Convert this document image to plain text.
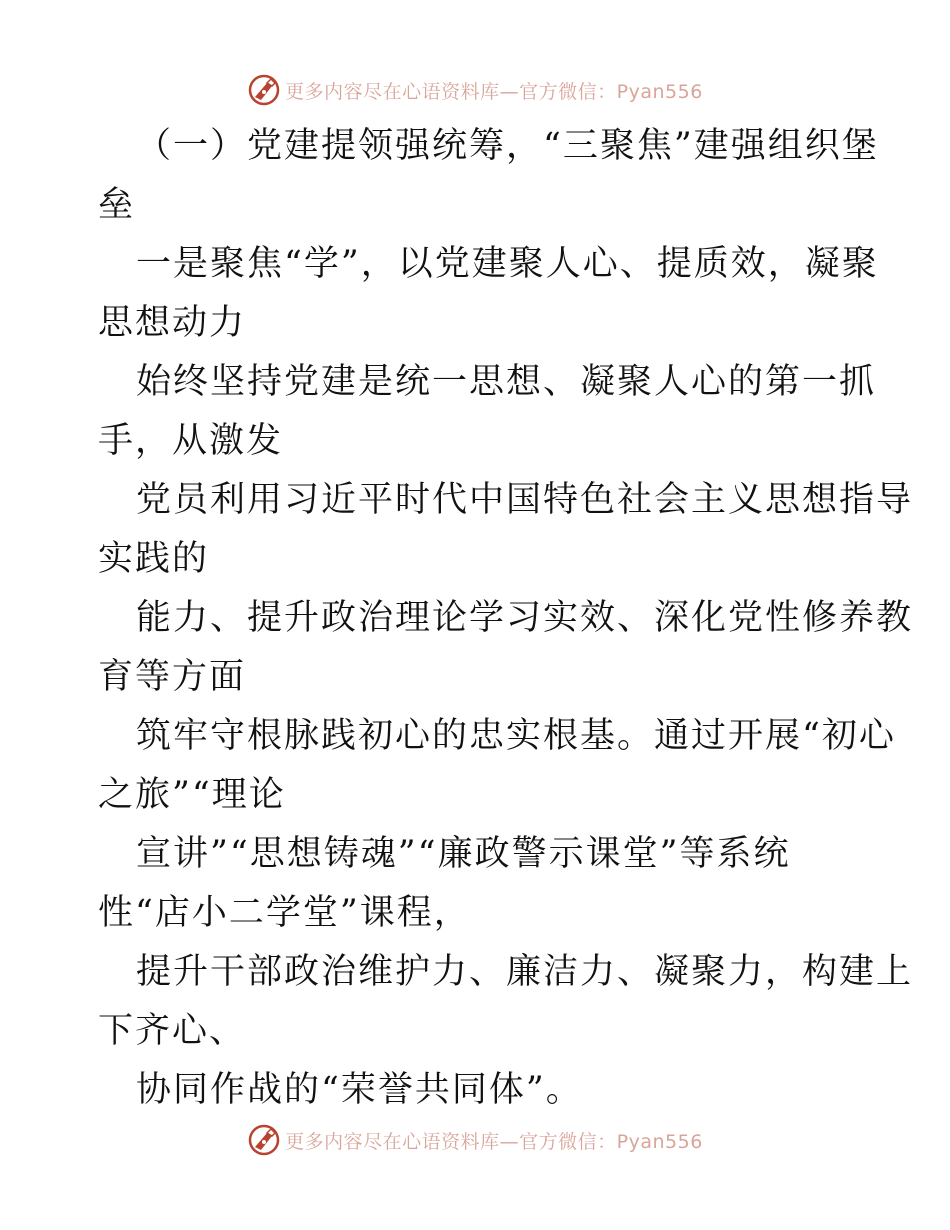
更多内容尽在心语资料库—官方微信：Pyan556
（一）党建提领强统筹，“三聚焦”建强组织堡
垒
一是聚焦“学”，以党建聚人心、提质效，凝聚
思想动力
始终坚持党建是统一思想、凝聚人心的第一抓
手，从激发
党员利用习近平时代中国特色社会主义思想指导
实践的
能力、提升政治理论学习实效、深化党性修养教
育等方面
筑牢守根脉践初心的忠实根基。通过开展“初心
之旅”“理论
宣讲”“思想铸魂”“廉政警示课堂”等系统
性“店小二学堂”课程，
提升干部政治维护力、廉洁力、凝聚力，构建上
下齐心、
协同作战的“荣誉共同体”。
更多内容尽在心语资料库—官方微信：Pyan556
